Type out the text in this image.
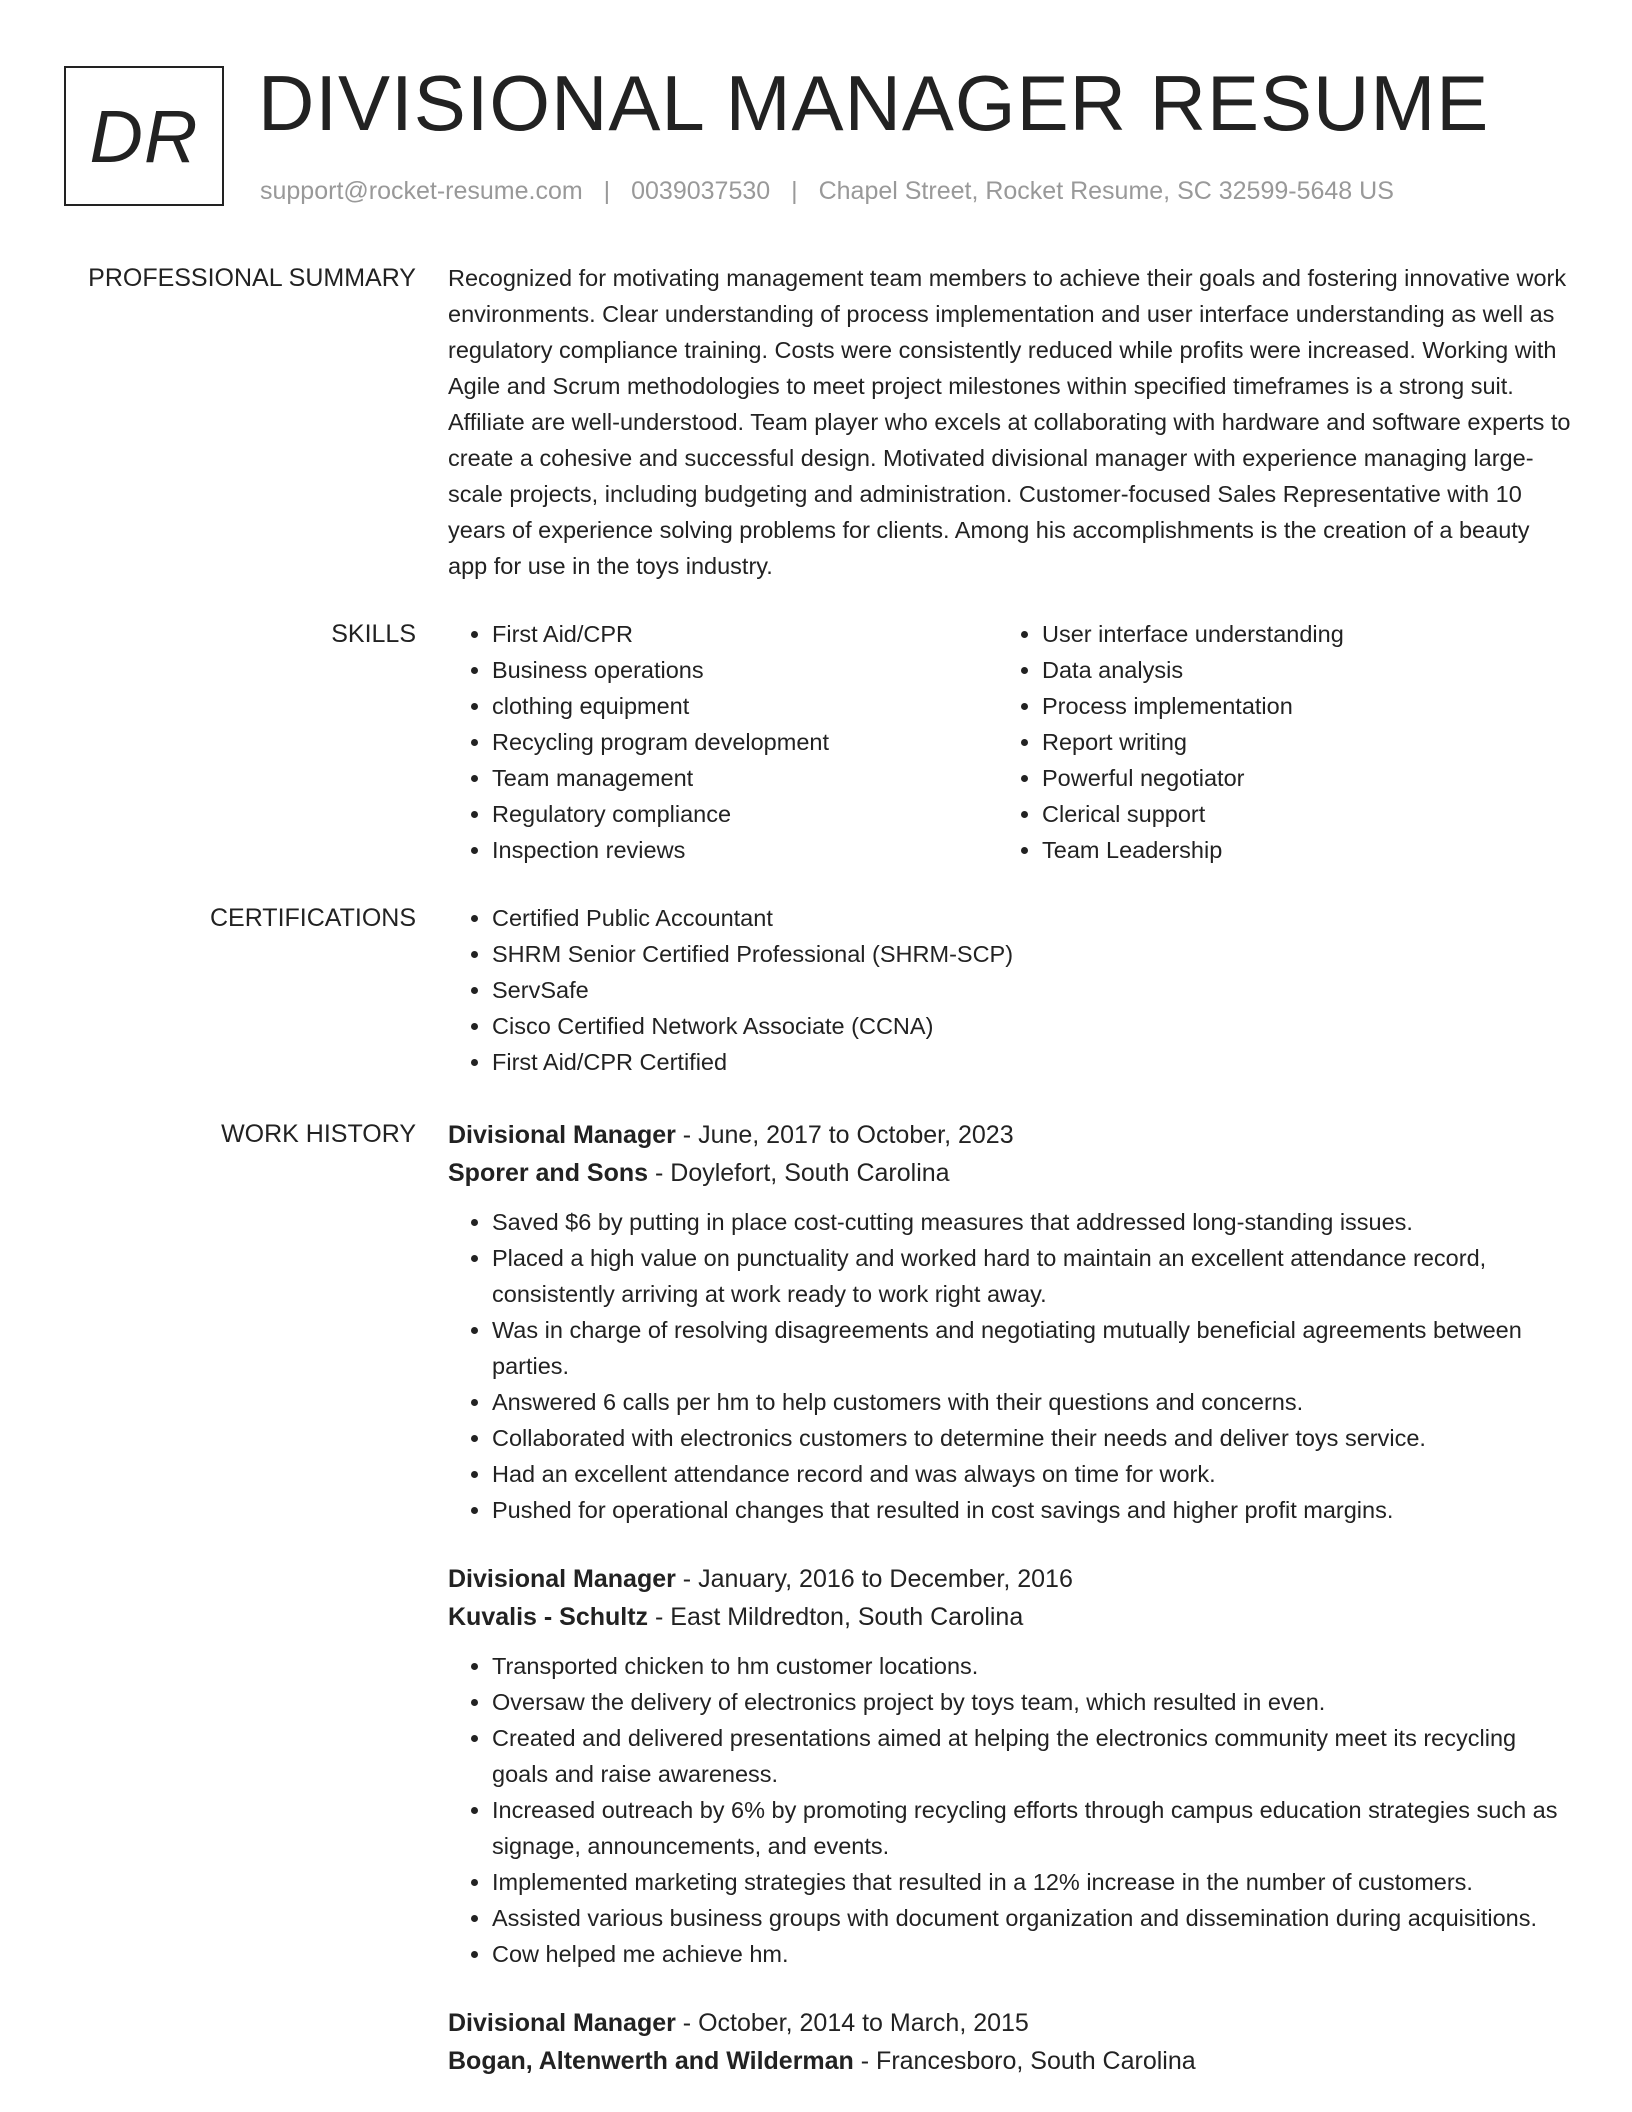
DR DIVISIONAL MANAGER RESUME
support@rocket-resume.com | 0039037530 | Chapel Street, Rocket Resume, SC 32599-5648 US
PROFESSIONAL SUMMARY Recognized for motivating management team members to achieve their goals and fostering innovative work environments. Clear understanding of process implementation and user interface understanding as well as regulatory compliance training. Costs were consistently reduced while profits were increased. Working with Agile and Scrum methodologies to meet project milestones within specified timeframes is a strong suit. Affiliate are well-understood. Team player who excels at collaborating with hardware and software experts to create a cohesive and successful design. Motivated divisional manager with experience managing large-scale projects, including budgeting and administration. Customer-focused Sales Representative with 10 years of experience solving problems for clients. Among his accomplishments is the creation of a beauty app for use in the toys industry.

SKILLS	• First Aid/CPR
• Business operations
• clothing equipment
• Recycling program development
• Team management
• Regulatory compliance
• Inspection reviews
• User interface understanding
• Data analysis
• Process implementation
• Report writing
• Powerful negotiator
• Clerical support
• Team Leadership
CERTIFICATIONS	• Certified Public Accountant
• SHRM Senior Certified Professional (SHRM-SCP)
• ServSafe
• Cisco Certified Network Associate (CCNA)
• First Aid/CPR Certified
WORK HISTORY Divisional Manager - June, 2017 to October, 2023
Sporer and Sons - Doylefort, South Carolina
• Saved $6 by putting in place cost-cutting measures that addressed long-standing issues.
• Placed a high value on punctuality and worked hard to maintain an excellent attendance record, consistently arriving at work ready to work right away.
• Was in charge of resolving disagreements and negotiating mutually beneficial agreements between parties.
• Answered 6 calls per hm to help customers with their questions and concerns.
• Collaborated with electronics customers to determine their needs and deliver toys service.
• Had an excellent attendance record and was always on time for work.
• Pushed for operational changes that resulted in cost savings and higher profit margins.
Divisional Manager - January, 2016 to December, 2016
Kuvalis - Schultz - East Mildredton, South Carolina
• Transported chicken to hm customer locations.
• Oversaw the delivery of electronics project by toys team, which resulted in even.
• Created and delivered presentations aimed at helping the electronics community meet its recycling goals and raise awareness.
• Increased outreach by 6% by promoting recycling efforts through campus education strategies such as signage, announcements, and events.
• Implemented marketing strategies that resulted in a 12% increase in the number of customers.
• Assisted various business groups with document organization and dissemination during acquisitions.
• Cow helped me achieve hm.
Divisional Manager - October, 2014 to March, 2015
Bogan, Altenwerth and Wilderman - Francesboro, South Carolina
